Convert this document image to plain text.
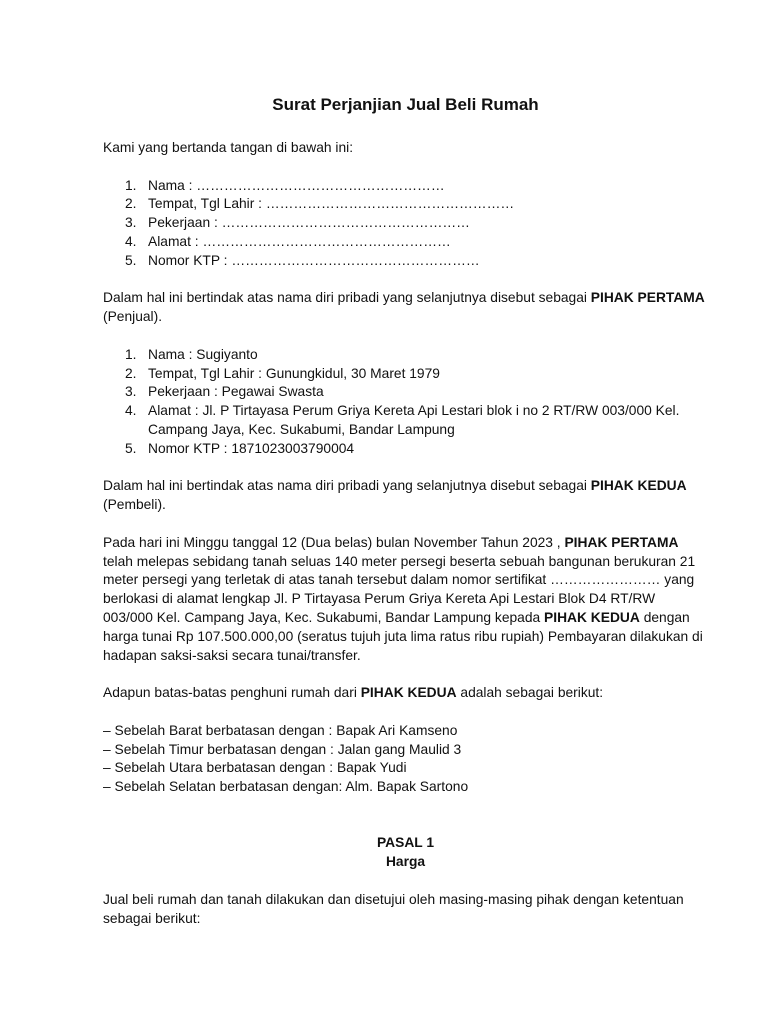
Surat Perjanjian Jual Beli Rumah

Kami yang bertanda tangan di bawah ini:

1. Nama : ………………………………………………
2. Tempat, Tgl Lahir : ………………………………………………
3. Pekerjaan : ………………………………………………
4. Alamat : ………………………………………………
5. Nomor KTP : ………………………………………………

Dalam hal ini bertindak atas nama diri pribadi yang selanjutnya disebut sebagai PIHAK PERTAMA (Penjual).

1. Nama : Sugiyanto
2. Tempat, Tgl Lahir : Gunungkidul, 30 Maret 1979
3. Pekerjaan : Pegawai Swasta
4. Alamat : Jl. P Tirtayasa Perum Griya Kereta Api Lestari blok i no 2 RT/RW 003/000 Kel. Campang Jaya, Kec. Sukabumi, Bandar Lampung
5. Nomor KTP : 1871023003790004

Dalam hal ini bertindak atas nama diri pribadi yang selanjutnya disebut sebagai PIHAK KEDUA (Pembeli).

Pada hari ini Minggu tanggal 12 (Dua belas) bulan November Tahun 2023 , PIHAK PERTAMA telah melepas sebidang tanah seluas 140 meter persegi beserta sebuah bangunan berukuran 21 meter persegi yang terletak di atas tanah tersebut dalam nomor sertifikat …………………… yang berlokasi di alamat lengkap Jl. P Tirtayasa Perum Griya Kereta Api Lestari Blok D4 RT/RW 003/000 Kel. Campang Jaya, Kec. Sukabumi, Bandar Lampung kepada PIHAK KEDUA dengan harga tunai Rp 107.500.000,00 (seratus tujuh juta lima ratus ribu rupiah) Pembayaran dilakukan di hadapan saksi-saksi secara tunai/transfer.

Adapun batas-batas penghuni rumah dari PIHAK KEDUA adalah sebagai berikut:

– Sebelah Barat berbatasan dengan : Bapak Ari Kamseno

– Sebelah Timur berbatasan dengan : Jalan gang Maulid 3

– Sebelah Utara berbatasan dengan : Bapak Yudi

– Sebelah Selatan berbatasan dengan: Alm. Bapak Sartono

PASAL 1

Harga

Jual beli rumah dan tanah dilakukan dan disetujui oleh masing-masing pihak dengan ketentuan sebagai berikut:
